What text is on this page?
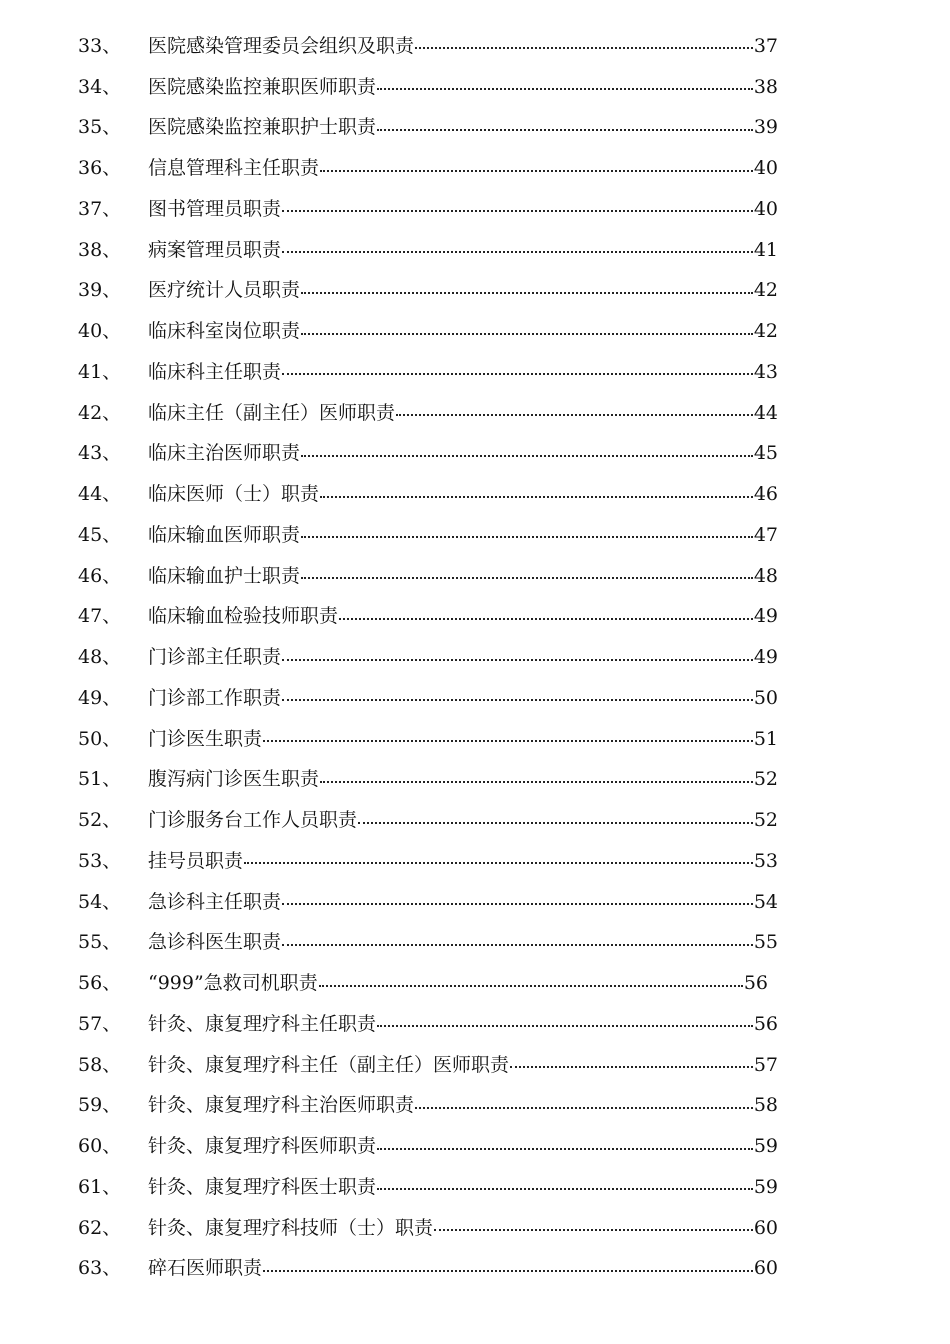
33、	医院感染管理委员会组织及职责	37
34、	医院感染监控兼职医师职责	38
35、	医院感染监控兼职护士职责	39
36、	信息管理科主任职责	40
37、	图书管理员职责	40
38、	病案管理员职责	41
39、	医疗统计人员职责	42
40、	临床科室岗位职责	42
41、	临床科主任职责	43
42、	临床主任（副主任）医师职责	44
43、	临床主治医师职责	45
44、	临床医师（士）职责	46
45、	临床输血医师职责	47
46、	临床输血护士职责	48
47、	临床输血检验技师职责	49
48、	门诊部主任职责	49
49、	门诊部工作职责	50
50、	门诊医生职责	51
51、	腹泻病门诊医生职责	52
52、	门诊服务台工作人员职责	52
53、	挂号员职责	53
54、	急诊科主任职责	54
55、	急诊科医生职责	55
56、	“999”急救司机职责	56
57、	针灸、康复理疗科主任职责	56
58、	针灸、康复理疗科主任（副主任）医师职责	57
59、	针灸、康复理疗科主治医师职责	58
60、	针灸、康复理疗科医师职责	59
61、	针灸、康复理疗科医士职责	59
62、	针灸、康复理疗科技师（士）职责	60
63、	碎石医师职责	60
